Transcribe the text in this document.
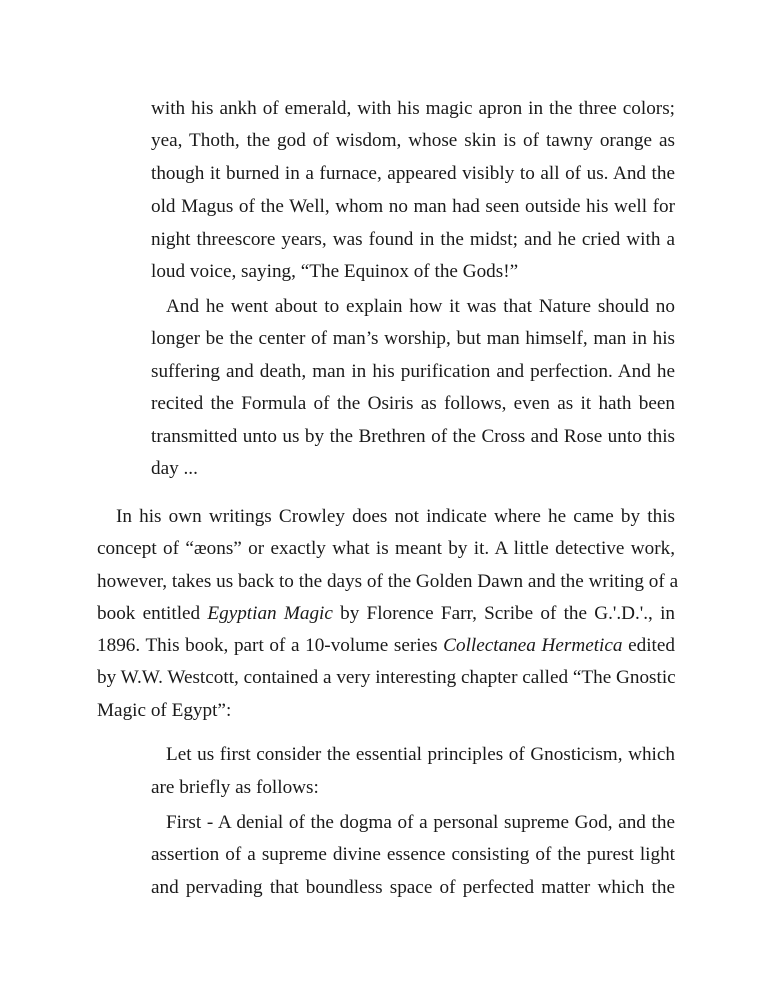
with his ankh of emerald, with his magic apron in the three colors;
yea, Thoth, the god of wisdom, whose skin is of tawny orange as
though it burned in a furnace, appeared visibly to all of us. And the
old Magus of the Well, whom no man had seen outside his well for
night threescore years, was found in the midst; and he cried with a
loud voice, saying, “The Equinox of the Gods!”
And he went about to explain how it was that Nature should no
longer be the center of man’s worship, but man himself, man in his
suffering and death, man in his purification and perfection. And he
recited the Formula of the Osiris as follows, even as it hath been
transmitted unto us by the Brethren of the Cross and Rose unto this
day ...
In his own writings Crowley does not indicate where he came by this
concept of “æons” or exactly what is meant by it. A little detective work,
however, takes us back to the days of the Golden Dawn and the writing of a
book entitled Egyptian Magic by Florence Farr, Scribe of the G.'.D.'., in
1896. This book, part of a 10-volume series Collectanea Hermetica edited
by W.W. Westcott, contained a very interesting chapter called “The Gnostic
Magic of Egypt”:
Let us first consider the essential principles of Gnosticism, which
are briefly as follows:
First - A denial of the dogma of a personal supreme God, and the
assertion of a supreme divine essence consisting of the purest light
and pervading that boundless space of perfected matter which the
